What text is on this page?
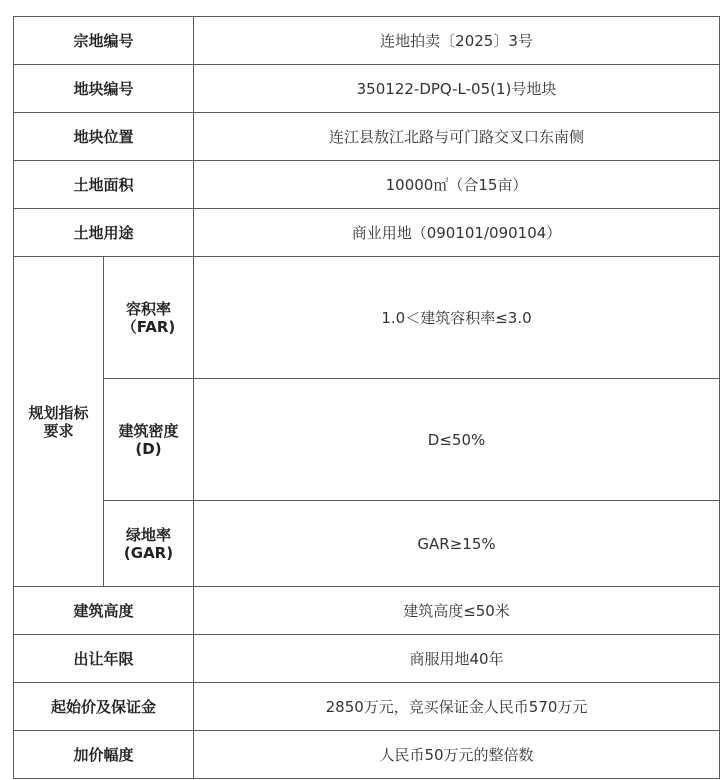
宗地编号		连地拍卖〔2025〕3号
地块编号		350122-DPQ-L-05(1)号地块
地块位置		连江县敖江北路与可门路交叉口东南侧
土地面积		10000㎡（合15亩）
土地用途		商业用地（090101/090104）
规划指标要求	容积率（FAR)	1.0＜建筑容积率≤3.0
	建筑密度(D)	D≤50%
	绿地率(GAR)	GAR≥15%
建筑高度		建筑高度≤50米
出让年限		商服用地40年
起始价及保证金		2850万元，竞买保证金人民币570万元
加价幅度		人民币50万元的整倍数
